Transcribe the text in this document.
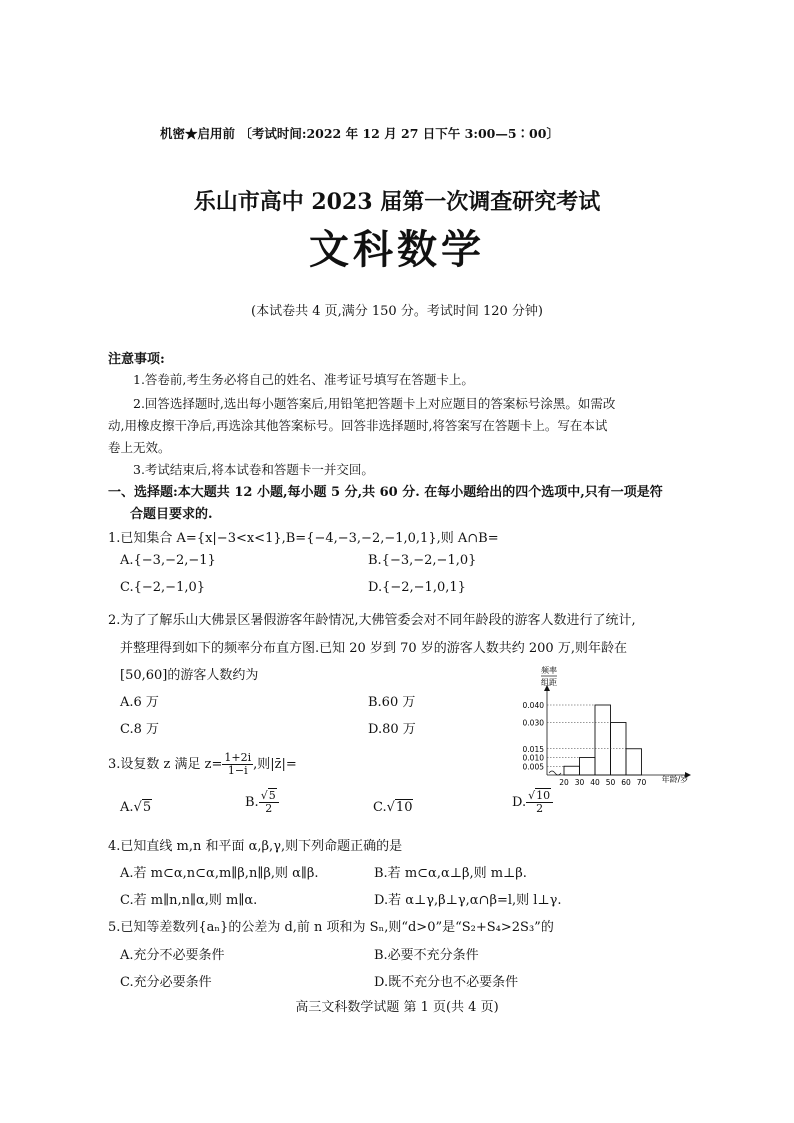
机密★启用前 〔考试时间:2022 年 12 月 27 日下午 3:00—5∶00〕
乐山市高中 2023 届第一次调查研究考试
文科数学
(本试卷共 4 页,满分 150 分。考试时间 120 分钟)
注意事项:
1.答卷前,考生务必将自己的姓名、准考证号填写在答题卡上。
2.回答选择题时,选出每小题答案后,用铅笔把答题卡上对应题目的答案标号涂黑。如需改
动,用橡皮擦干净后,再选涂其他答案标号。回答非选择题时,将答案写在答题卡上。写在本试
卷上无效。
3.考试结束后,将本试卷和答题卡一并交回。
一、选择题:本大题共 12 小题,每小题 5 分,共 60 分. 在每小题给出的四个选项中,只有一项是符
合题目要求的.
1.已知集合 A={x|−3<x<1},B={−4,−3,−2,−1,0,1},则 A∩B=
A.{−3,−2,−1}	B.{−3,−2,−1,0}
C.{−2,−1,0}	D.{−2,−1,0,1}
2.为了了解乐山大佛景区暑假游客年龄情况,大佛管委会对不同年龄段的游客人数进行了统计,
并整理得到如下的频率分布直方图.已知 20 岁到 70 岁的游客人数共约 200 万,则年龄在
[50,60]的游客人数约为
A.6 万	B.60 万
C.8 万	D.80 万
0.040
0.030
0.015
0.010
0.005
20 30 40 50 60 70
频率
组距
年龄/岁
3.设复数 z 满足 $z= \frac{1+2i}{1-i}$ ,则|z̄|=
A.√5	B. $\frac{√5}{2}$	C.√10	D. $\frac{√10}{2}$
4.已知直线 m,n 和平面 α,β,γ,则下列命题正确的是
A.若 m⊂α,n⊂α,m∥β,n∥β,则 α∥β.	B.若 m⊂α,α⊥β,则 m⊥β.
C.若 m∥n,n∥α,则 m∥α.	D.若 α⊥γ,β⊥γ,α∩β=l,则 l⊥γ.
5.已知等差数列{aₙ}的公差为 d,前 n 项和为 Sₙ,则“d>0”是“S₂+S₄>2S₃”的
A.充分不必要条件	B.必要不充分条件
C.充分必要条件	D.既不充分也不必要条件
高三文科数学试题 第 1 页(共 4 页)
